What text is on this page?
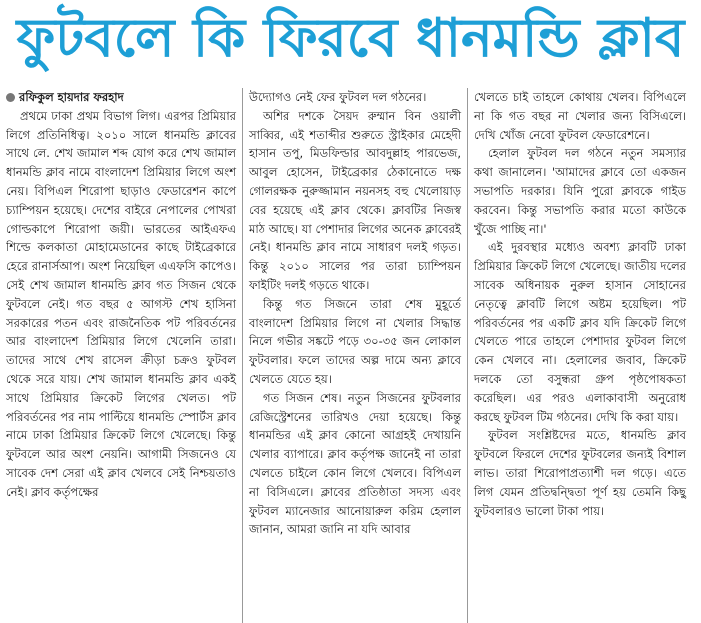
ফুটবলে কি ফিরবে ধানমন্ডি ক্লাব

রফিকুল হায়দার ফরহাদ

প্রথমে ঢাকা প্রথম বিভাগ লিগ। এরপর প্রিমিয়ার লিগে প্রতিনিধিত্ব। ২০১০ সালে ধানমন্ডি ক্লাবের সাথে লে. শেখ জামাল শব্দ যোগ করে শেখ জামাল ধানমন্ডি ক্লাব নামে বাংলাদেশ প্রিমিয়ার লিগে অংশ নেয়। বিপিএল শিরোপা ছাড়াও ফেডারেশন কাপে চ্যাম্পিয়ন হয়েছে। দেশের বাইরে নেপালের পোখরা গোল্ডকাপে শিরোপা জয়ী। ভারতের আইএফএ শিল্ডে কলকাতা মোহামেডানের কাছে টাইব্রেকারে হেরে রানার্সআপ। অংশ নিয়েছিল এএফসি কাপেও। সেই শেখ জামাল ধানমন্ডি ক্লাব গত সিজন থেকে ফুটবলে নেই। গত বছর ৫ আগস্ট শেখ হাসিনা সরকারের পতন এবং রাজনৈতিক পট পরিবর্তনের আর বাংলাদেশ প্রিমিয়ার লিগে খেলেনি তারা। তাদের সাথে শেখ রাসেল ক্রীড়া চক্রও ফুটবল থেকে সরে যায়। শেখ জামাল ধানমন্ডি ক্লাব একই সাথে প্রিমিয়ার ক্রিকেট লিগের খেলত। পট পরিবর্তনের পর নাম পাল্টিয়ে ধানমন্ডি স্পোর্টস ক্লাব নামে ঢাকা প্রিমিয়ার ক্রিকেট লিগে খেলেছে। কিন্তু ফুটবলে আর অংশ নেয়নি। আগামী সিজনেও যে সাবেক দেশ সেরা এই ক্লাব খেলবে সেই নিশ্চয়তাও নেই। ক্লাব কর্তৃপক্ষের

উদ্যোগও নেই ফের ফুটবল দল গঠনের।

অশির দশকে সৈয়দ রুম্মান বিন ওয়ালী সাব্বির, এই শতাব্দীর শুরুতে স্ট্রাইকার মেহেদী হাসান তপু, মিডফিল্ডার আবদুল্লাহ পারভেজ, আবুল হোসেন, টাইব্রেকার ঠেকানোতে দক্ষ গোলরক্ষক নুরুজ্জামান নয়নসহ বহু খেলোয়াড় বের হয়েছে এই ক্লাব থেকে। ক্লাবটির নিজস্ব মাঠ আছে। যা পেশাদার লিগের অনেক ক্লাবেরই নেই। ধানমন্ডি ক্লাব নামে সাধারণ দলই গড়ত। কিন্তু ২০১০ সালের পর তারা চ্যাম্পিয়ন ফাইটিং দলই গড়তে থাকে।

কিন্তু গত সিজনে তারা শেষ মুহূর্তে বাংলাদেশ প্রিমিয়ার লিগে না খেলার সিদ্ধান্ত নিলে গভীর সঙ্কটে পড়ে ৩০-৩৫ জন লোকাল ফুটবলার। ফলে তাদের অল্প দামে অন্য ক্লাবে খেলতে যেতে হয়।

গত সিজন শেষ। নতুন সিজনের ফুটবলার রেজিস্ট্রেশনের তারিখও দেয়া হয়েছে। কিন্তু ধানমন্ডির এই ক্লাব কোনো আগ্রহই দেখায়নি খেলার ব্যাপারে। ক্লাব কর্তৃপক্ষ জানেই না তারা খেলতে চাইলে কোন লিগে খেলবে। বিপিএল না বিসিএলে। ক্লাবের প্রতিষ্ঠাতা সদস্য এবং ফুটবল ম্যানেজার আনোয়ারুল করিম হেলাল জানান, আমরা জানি না যদি আবার

খেলতে চাই তাহলে কোথায় খেলব। বিপিএলে না কি গত বছর না খেলার জন্য বিসিএলে। দেখি খোঁজ নেবো ফুটবল ফেডারেশনে।

হেলাল ফুটবল দল গঠনে নতুন সমস্যার কথা জানালেন। 'আমাদের ক্লাবে তো একজন সভাপতি দরকার। যিনি পুরো ক্লাবকে গাইড করবেন। কিন্তু সভাপতি করার মতো কাউকে খুঁজে পাচ্ছি না।'

এই দুরবস্থার মধ্যেও অবশ্য ক্লাবটি ঢাকা প্রিমিয়ার ক্রিকেট লিগে খেলেছে। জাতীয় দলের সাবেক অধিনায়ক নুরুল হাসান সোহানের নেতৃত্বে ক্লাবটি লিগে অষ্টম হয়েছিল। পট পরিবর্তনের পর একটি ক্লাব যদি ক্রিকেট লিগে খেলতে পারে তাহলে পেশাদার ফুটবল লিগে কেন খেলবে না। হেলালের জবাব, ক্রিকেট দলকে তো বসুন্ধরা গ্রুপ পৃষ্ঠপোষকতা করেছিল। এর পরও এলাকাবাসী অনুরোধ করছে ফুটবল টিম গঠনের। দেখি কি করা যায়।

ফুটবল সংশ্লিষ্টদের মতে, ধানমন্ডি ক্লাব ফুটবলে ফিরলে দেশের ফুটবলের জন্যই বিশাল লাভ। তারা শিরোপাপ্রত্যাশী দল গড়ে। এতে লিগ যেমন প্রতিদ্বন্দ্বিতা পূর্ণ হয় তেমনি কিছু ফুটবলারও ভালো টাকা পায়।
